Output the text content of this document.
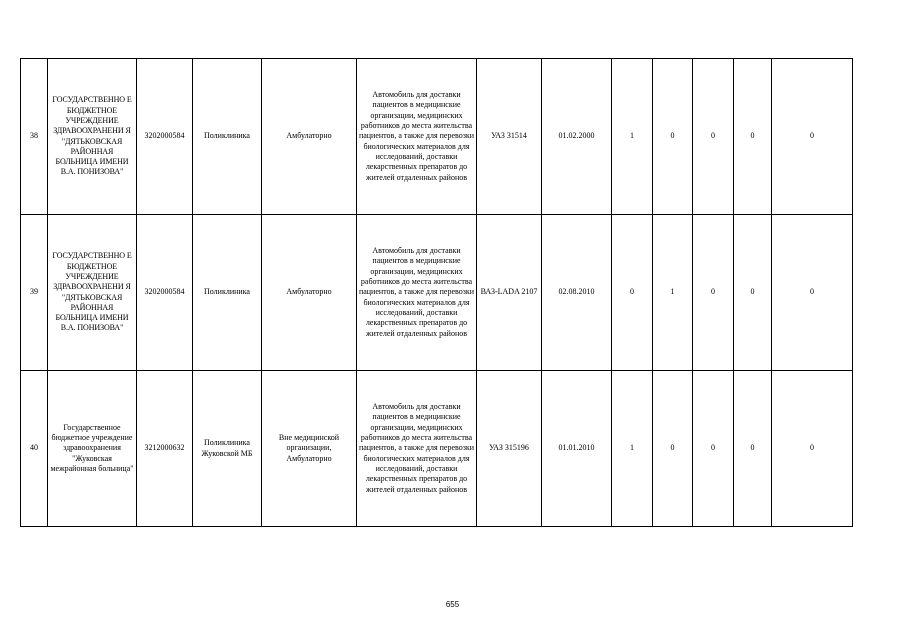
38	ГОСУДАРСТВЕННО Е БЮДЖЕТНОЕ УЧРЕЖДЕНИЕ ЗДРАВООХРАНЕНИ Я "ДЯТЬКОВСКАЯ РАЙОННАЯ БОЛЬНИЦА ИМЕНИ В.А. ПОНИЗОВА"	3202000584	Поликлиника	Амбулаторно	Автомобиль для доставки пациентов в медицинские организации, медицинских работников до места жительства пациентов, а также для перевозки биологических материалов для исследований, доставки лекарственных препаратов до жителей отдаленных районов	УАЗ 31514	01.02.2000	1	0	0	0	0
39	ГОСУДАРСТВЕННО Е БЮДЖЕТНОЕ УЧРЕЖДЕНИЕ ЗДРАВООХРАНЕНИ Я "ДЯТЬКОВСКАЯ РАЙОННАЯ БОЛЬНИЦА ИМЕНИ В.А. ПОНИЗОВА"	3202000584	Поликлиника	Амбулаторно	Автомобиль для доставки пациентов в медицинские организации, медицинских работников до места жительства пациентов, а также для перевозки биологических материалов для исследований, доставки лекарственных препаратов до жителей отдаленных районов	ВАЗ-LADA 2107	02.08.2010	0	1	0	0	0
40	Государственное бюджетное учреждение здравоохранения "Жуковская межрайонная больница"	3212000632	Поликлиника Жуковской МБ	Вне медицинской организации, Амбулаторно	Автомобиль для доставки пациентов в медицинские организации, медицинских работников до места жительства пациентов, а также для перевозки биологических материалов для исследований, доставки лекарственных препаратов до жителей отдаленных районов	УАЗ 315196	01.01.2010	1	0	0	0	0
655
